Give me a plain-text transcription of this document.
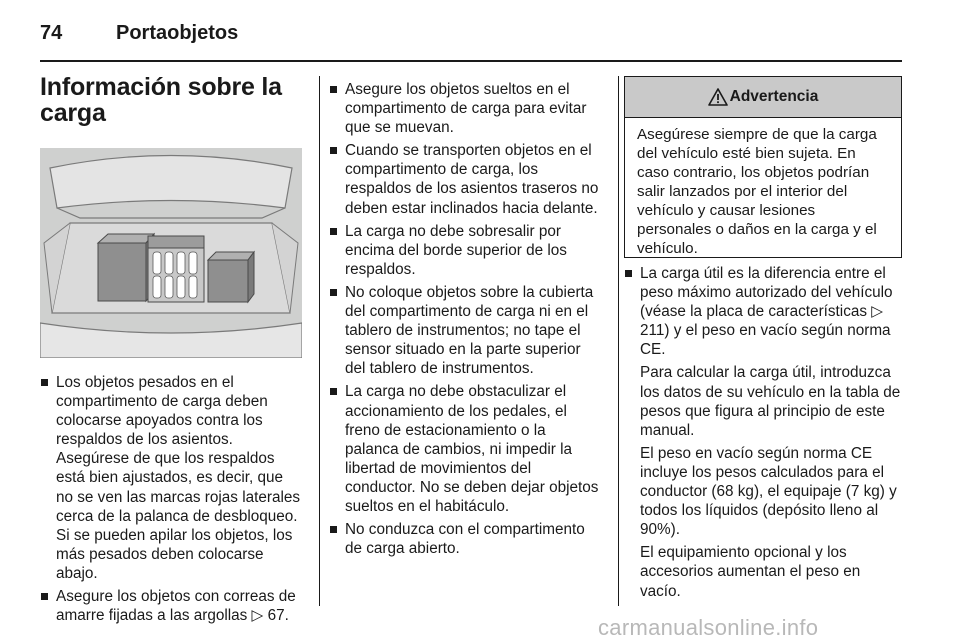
74	Portaobjetos
Información sobre la carga
Los objetos pesados en el compartimento de carga deben colocarse apoyados contra los respaldos de los asientos. Asegúrese de que los respaldos está bien ajustados, es decir, que no se ven las marcas rojas laterales cerca de la palanca de desbloqueo. Si se pueden apilar los objetos, los más pesados deben colocarse abajo.
Asegure los objetos con correas de amarre fijadas a las argollas ▷ 67.
Asegure los objetos sueltos en el compartimento de carga para evitar que se muevan.
Cuando se transporten objetos en el compartimento de carga, los respaldos de los asientos traseros no deben estar inclinados hacia delante.
La carga no debe sobresalir por encima del borde superior de los respaldos.
No coloque objetos sobre la cubierta del compartimento de carga ni en el tablero de instrumentos; no tape el sensor situado en la parte superior del tablero de instrumentos.
La carga no debe obstaculizar el accionamiento de los pedales, el freno de estacionamiento o la palanca de cambios, ni impedir la libertad de movimientos del conductor. No se deben dejar objetos sueltos en el habitáculo.
No conduzca con el compartimento de carga abierto.
Advertencia
Asegúrese siempre de que la carga del vehículo esté bien sujeta. En caso contrario, los objetos podrían salir lanzados por el interior del vehículo y causar lesiones personales o daños en la carga y el vehículo.
La carga útil es la diferencia entre el peso máximo autorizado del vehículo (véase la placa de características ▷ 211) y el peso en vacío según norma CE.

Para calcular la carga útil, introduzca los datos de su vehículo en la tabla de pesos que figura al principio de este manual.

El peso en vacío según norma CE incluye los pesos calculados para el conductor (68 kg), el equipaje (7 kg) y todos los líquidos (depósito lleno al 90%).

El equipamiento opcional y los accesorios aumentan el peso en vacío.

carmanualsonline.info
